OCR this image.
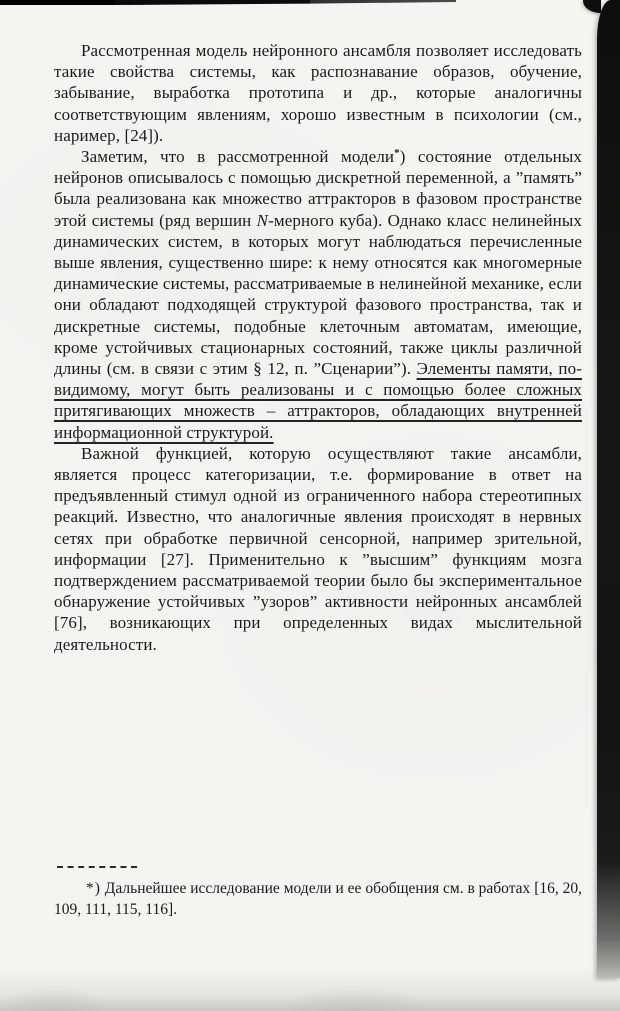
Рассмотренная модель нейронного ансамбля позволяет исследовать такие свойства системы, как распознавание образов, обучение, забывание, выработка прототипа и др., которые аналогичны соответствующим явлениям, хорошо известным в психологии (см., наример, [24]).

Заметим, что в рассмотренной модели*) состояние отдельных нейронов описывалось с помощью дискретной переменной, а ”память” была реализована как множество аттракторов в фазовом пространстве этой системы (ряд вершин N-мерного куба). Однако класс нелинейных динамических систем, в которых могут наблюдаться перечисленные выше явления, существенно шире: к нему относятся как многомерные динамические системы, рассматриваемые в нелинейной механике, если они обладают подходящей структурой фазового пространства, так и дискретные системы, подобные клеточным автоматам, имеющие, кроме устойчивых стационарных состояний, также циклы различной длины (см. в связи с этим § 12, п. ”Сценарии”). Элементы памяти, по-видимому, могут быть реализованы и с помощью более сложных притягивающих множеств – аттракторов, обладающих внутренней информационной структурой.

Важной функцией, которую осуществляют такие ансамбли, является процесс категоризации, т.е. формирование в ответ на предъявленный стимул одной из ограниченного набора стереотипных реакций. Известно, что аналогичные явления происходят в нервных сетях при обработке первичной сенсорной, например зрительной, информации [27]. Применительно к ”высшим” функциям мозга подтверждением рассматриваемой теории было бы экспериментальное обнаружение устойчивых ”узоров” активности нейронных ансамблей [76], возникающих при определенных видах мыслительной деятельности.

*) Дальнейшее исследование модели и ее обобщения см. в работах [16, 20, 109, 111, 115, 116].
